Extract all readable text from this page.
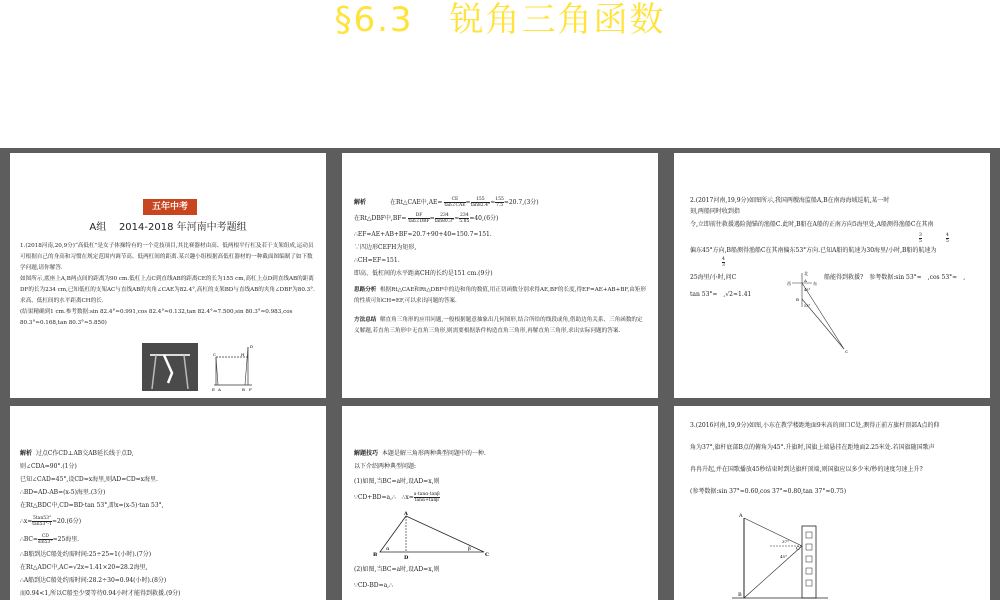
§6.3　锐角三角函数
五年中考
A组 2014-2018 年河南中考题组
1.(2018河南,20,9分)“高低杠”是女子体操特有的一个竞技项目,其比赛器材由高、低两根平行杠及若干支架组成,运动员可根据自己的身高和习惯在规定范围内调节高、低两杠间的距离.某兴趣小组根据高低杠器材的一种截面图编制了如下数学问题,请你解答.
如图所示,底座上A,B两点间的距离为90 cm.低杠上点C到直线AB的距离CE的长为155 cm,高杠上点D到直线AB的距离DF的长为234 cm,已知低杠的支架AC与直线AB的夹角∠CAE为82.4°,高杠的支架BD与直线AB的夹角∠DBF为80.3°.求高、低杠间的水平距离CH的长.
(结果精确到1 cm.参考数据:sin 82.4°≈0.991,cos 82.4°≈0.132,tan 82.4°≈7.500,sin 80.3°≈0.983,cos 80.3°≈0.168,tan 80.3°≈5.850)
C	H
D
E A	B F
解析	在Rt△CAE中,AE=	CE
tan∠CAE = $\frac{155}{\tan 82.4^\circ} \approx \frac{155}{7.5} \approx 20.7,(3$分)
在Rt△DBF中,BF=	DF
tan∠DBF = $\frac{234}{\tan 80.3^\circ} \approx \frac{234}{5.85} =40,(6$分)
∴EF=AE+AB+BF≈20.7+90+40=150.7≈151.
∵四边形CEFH为矩形,
∴CH=EF≈151.
即高、低杠间的水平距离CH的长约是151 cm.(9分)
思路分析 根据Rt△CAE和Rt△DBF中的边和角的数值,用正切函数分别求得AE,BF的长度,得EF=AE+AB+BF,由矩形的性质可知CH=EF,可以求出问题的答案.
方法总结 解直角三角形的应用问题,一般根据题意抽象出几何图形,结合所给的线段或角,借助边角关系、三角函数的定义解题,若直角三角形中无直角三角形,则需要根据条件构造直角三角形,再解直角三角形,求出实际问题的答案.
2.(2017河南,19,9分)如图所示,我国两艘海监船A,B在南海海域巡航,某一时刻,两船同时收到指
令,立即前往救援遇险抛锚的渔船C.此时,B船在A船的正南方向5海里处,A船测得渔船C在其南
3
5
4
5
偏东45°方向,B船测得渔船C在其南偏东53°方向.已知A船的航速为30海里/小时,B船的航速为
4
3
25海里/小时,问C	船能得到救援?　参考数据:sin 53°≈　,cos 53°≈　,
tan 53°≈　,√2≈1.41
北
A
西	东
45°
B
53°
C
解析 过点C作CD⊥AB交AB延长线于点D,
则∠CDA=90°.(1分)
已知∠CAD=45°,设CD=x海里,则AD=CD=x海里.
∴BD=AD-AB=(x-5)海里.(3分)
在Rt△BDC中,CD=BD·tan 53°,即x=(x-5)·tan 53°,
∴x= $\frac{5\tan 53^\circ}{\tan 53^\circ-1} \approx 20.(6$分)
∴BC= $\frac{CD}{\sin 53^\circ} \approx 25$海里.
∴B船到达C船处约需时间:25÷25=1(小时).(7分)
在Rt△ADC中,AC=√2x≈1.41×20=28.2海里,
∴A船到达C船处约需时间:28.2÷30=0.94(小时).(8分)
而0.94<1,所以C船至少要等待0.94小时才能得到救援.(9分)
解题技巧 本题是解三角形两种典型问题中的一种.
以下介绍两种典型问题:
(1)如图,当BC=a时,设AD=x,则
∵CD+BD=a,∴ ∴x= $\frac{a\cdot\tan\alpha\cdot\tan\beta}{\tan\alpha+\tan\beta}$
A
B
α	β
C
D
(2)如图,当BC=a时,设AD=x,则
∵CD-BD=a,∴
3.(2016河南,19,9分)如图,小东在教学楼距地面9米高的窗口C处,测得正前方旗杆顶部A点的仰
角为37°,旗杆底部B点的俯角为45°.升旗时,国旗上端悬挂在距地面2.25米处.若国旗随国歌声
冉冉升起,并在国歌播放45秒结束时到达旗杆顶端,则国旗应以多少米/秒的速度匀速上升?
(参考数据:sin 37°≈0.60,cos 37°≈0.80,tan 37°≈0.75)
A
37°
C
45°
B
